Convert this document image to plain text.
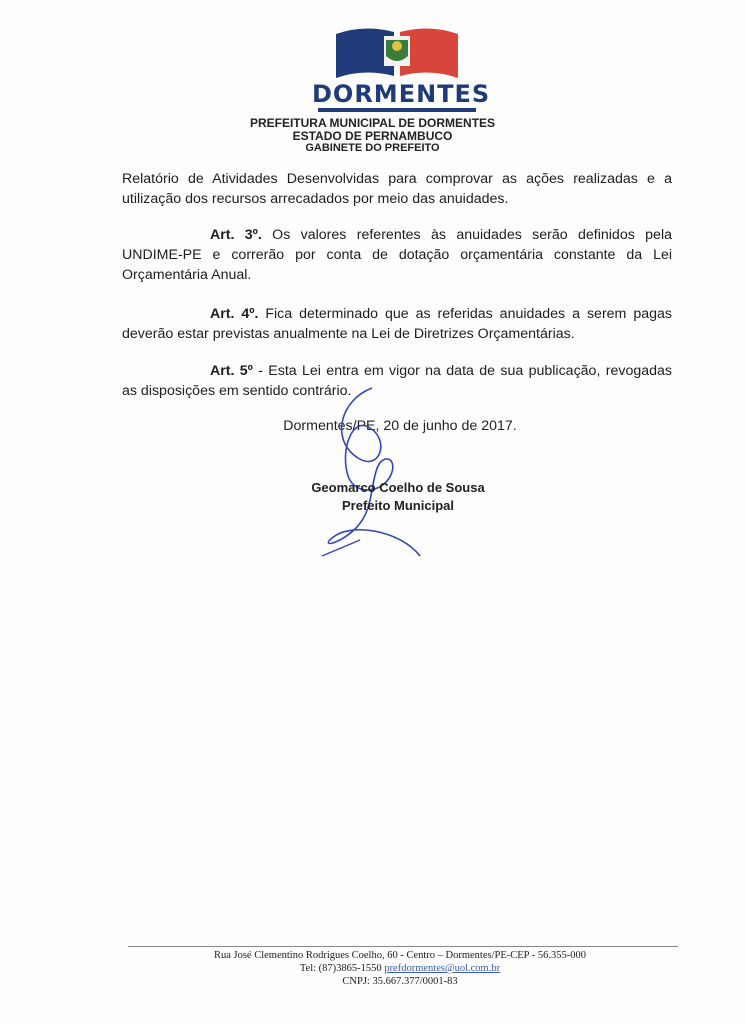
DORMENTES
PREFEITURA MUNICIPAL DE DORMENTES
ESTADO DE PERNAMBUCO
GABINETE DO PREFEITO
Relatório de Atividades Desenvolvidas para comprovar as ações realizadas e a utilização dos recursos arrecadados por meio das anuidades.
Art. 3º. Os valores referentes às anuidades serão definidos pela UNDIME-PE e correrão por conta de dotação orçamentária constante da Lei Orçamentária Anual.
Art. 4º. Fica determinado que as referidas anuidades a serem pagas deverão estar previstas anualmente na Lei de Diretrizes Orçamentárias.
Art. 5º - Esta Lei entra em vigor na data de sua publicação, revogadas as disposições em sentido contrário.
Dormentes/PE, 20 de junho de 2017.
Geomarco Coelho de Sousa
Prefeito Municipal
Rua José Clementino Rodrigues Coelho, 60 - Centro – Dormentes/PE-CEP - 56.355-000
Tel: (87)3865-1550 prefdormentes@uol.com.br
CNPJ: 35.667.377/0001-83
